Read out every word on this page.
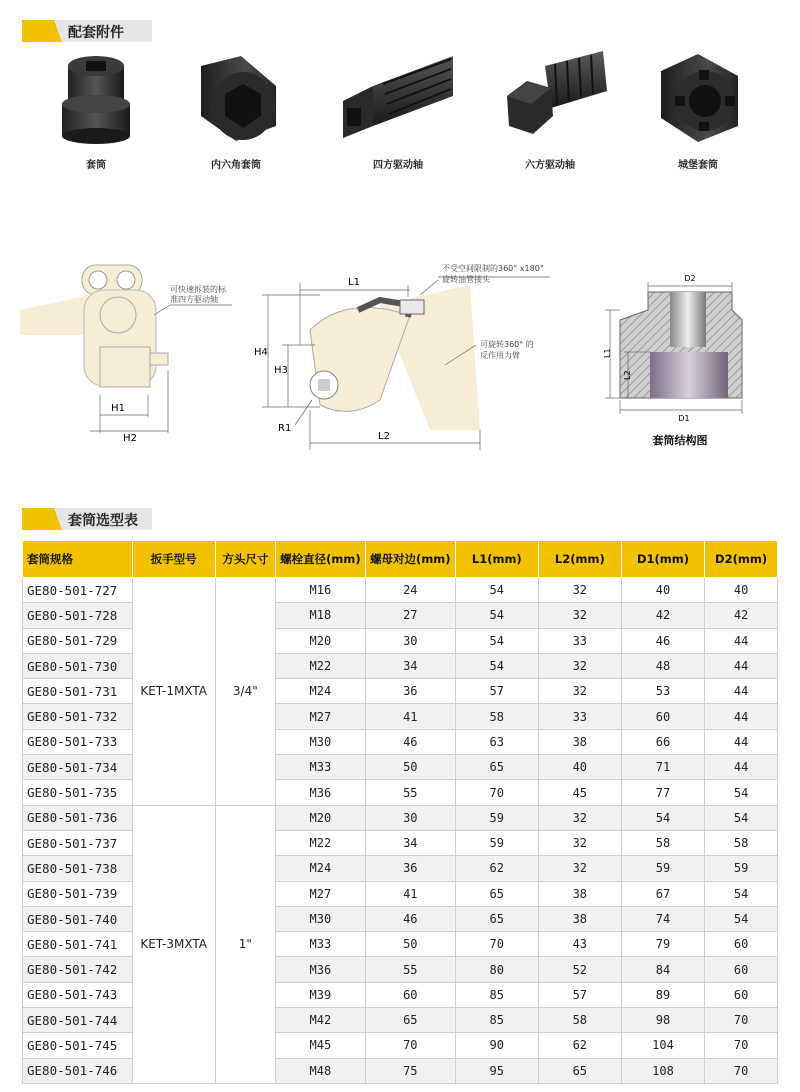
配套附件
套筒	内六角套筒	四方驱动轴	六方驱动轴	城堡套筒
H1
H2
可快速拆装的标
准四方驱动轴
H4
H3
L1
L2
R1
不受空间限制的360° x180°
旋转油管接头
可旋转360° 的
反作用力臂
D2
D1
L1
L2
套筒结构图
套筒选型表
套筒规格	扳手型号	方头尺寸	螺栓直径(mm)	螺母对边(mm)	L1(mm)	L2(mm)	D1(mm)	D2(mm)
GE80-501-727	KET-1MXTA	3/4"	M16	24	54	32	40	40
GE80-501-728			M18	27	54	32	42	42
GE80-501-729			M20	30	54	33	46	44
GE80-501-730			M22	34	54	32	48	44
GE80-501-731			M24	36	57	32	53	44
GE80-501-732			M27	41	58	33	60	44
GE80-501-733			M30	46	63	38	66	44
GE80-501-734			M33	50	65	40	71	44
GE80-501-735			M36	55	70	45	77	54
GE80-501-736	KET-3MXTA	1"	M20	30	59	32	54	54
GE80-501-737			M22	34	59	32	58	58
GE80-501-738			M24	36	62	32	59	59
GE80-501-739			M27	41	65	38	67	54
GE80-501-740			M30	46	65	38	74	54
GE80-501-741			M33	50	70	43	79	60
GE80-501-742			M36	55	80	52	84	60
GE80-501-743			M39	60	85	57	89	60
GE80-501-744			M42	65	85	58	98	70
GE80-501-745			M45	70	90	62	104	70
GE80-501-746			M48	75	95	65	108	70
